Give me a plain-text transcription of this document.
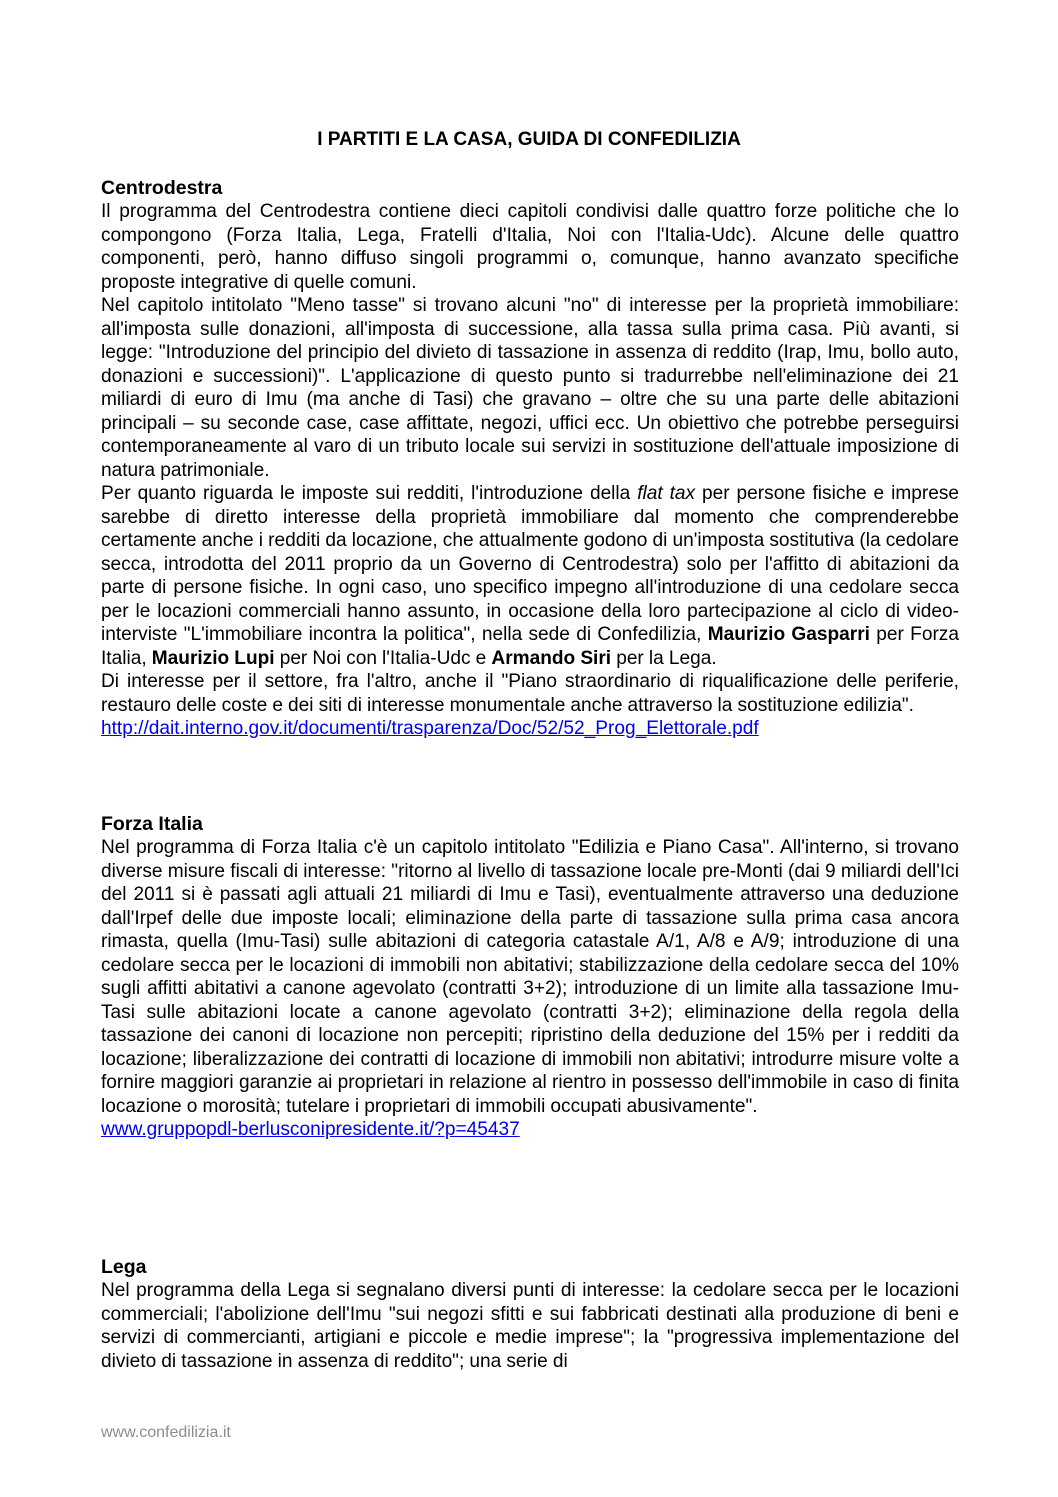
I PARTITI E LA CASA, GUIDA DI CONFEDILIZIA

Centrodestra

Il programma del Centrodestra contiene dieci capitoli condivisi dalle quattro forze politiche che lo compongono (Forza Italia, Lega, Fratelli d'Italia, Noi con l'Italia-Udc). Alcune delle quattro componenti, però, hanno diffuso singoli programmi o, comunque, hanno avanzato specifiche proposte integrative di quelle comuni.

Nel capitolo intitolato "Meno tasse" si trovano alcuni "no" di interesse per la proprietà immobiliare: all'imposta sulle donazioni, all'imposta di successione, alla tassa sulla prima casa. Più avanti, si legge: "Introduzione del principio del divieto di tassazione in assenza di reddito (Irap, Imu, bollo auto, donazioni e successioni)". L'applicazione di questo punto si tradurrebbe nell'eliminazione dei 21 miliardi di euro di Imu (ma anche di Tasi) che gravano – oltre che su una parte delle abitazioni principali – su seconde case, case affittate, negozi, uffici ecc. Un obiettivo che potrebbe perseguirsi contemporaneamente al varo di un tributo locale sui servizi in sostituzione dell'attuale imposizione di natura patrimoniale.

Per quanto riguarda le imposte sui redditi, l'introduzione della flat tax per persone fisiche e imprese sarebbe di diretto interesse della proprietà immobiliare dal momento che comprenderebbe certamente anche i redditi da locazione, che attualmente godono di un'imposta sostitutiva (la cedolare secca, introdotta del 2011 proprio da un Governo di Centrodestra) solo per l'affitto di abitazioni da parte di persone fisiche. In ogni caso, uno specifico impegno all'introduzione di una cedolare secca per le locazioni commerciali hanno assunto, in occasione della loro partecipazione al ciclo di video-interviste "L'immobiliare incontra la politica", nella sede di Confedilizia, Maurizio Gasparri per Forza Italia, Maurizio Lupi per Noi con l'Italia-Udc e Armando Siri per la Lega.

Di interesse per il settore, fra l'altro, anche il "Piano straordinario di riqualificazione delle periferie, restauro delle coste e dei siti di interesse monumentale anche attraverso la sostituzione edilizia".

http://dait.interno.gov.it/documenti/trasparenza/Doc/52/52_Prog_Elettorale.pdf

Forza Italia

Nel programma di Forza Italia c'è un capitolo intitolato "Edilizia e Piano Casa". All'interno, si trovano diverse misure fiscali di interesse: "ritorno al livello di tassazione locale pre-Monti (dai 9 miliardi dell'Ici del 2011 si è passati agli attuali 21 miliardi di Imu e Tasi), eventualmente attraverso una deduzione dall'Irpef delle due imposte locali; eliminazione della parte di tassazione sulla prima casa ancora rimasta, quella (Imu-Tasi) sulle abitazioni di categoria catastale A/1, A/8 e A/9; introduzione di una cedolare secca per le locazioni di immobili non abitativi; stabilizzazione della cedolare secca del 10% sugli affitti abitativi a canone agevolato (contratti 3+2); introduzione di un limite alla tassazione Imu-Tasi sulle abitazioni locate a canone agevolato (contratti 3+2); eliminazione della regola della tassazione dei canoni di locazione non percepiti; ripristino della deduzione del 15% per i redditi da locazione; liberalizzazione dei contratti di locazione di immobili non abitativi; introdurre misure volte a fornire maggiori garanzie ai proprietari in relazione al rientro in possesso dell'immobile in caso di finita locazione o morosità; tutelare i proprietari di immobili occupati abusivamente".

www.gruppopdl-berlusconipresidente.it/?p=45437

Lega

Nel programma della Lega si segnalano diversi punti di interesse: la cedolare secca per le locazioni commerciali; l'abolizione dell'Imu "sui negozi sfitti e sui fabbricati destinati alla produzione di beni e servizi di commercianti, artigiani e piccole e medie imprese"; la "progressiva implementazione del divieto di tassazione in assenza di reddito"; una serie di

www.confedilizia.it
